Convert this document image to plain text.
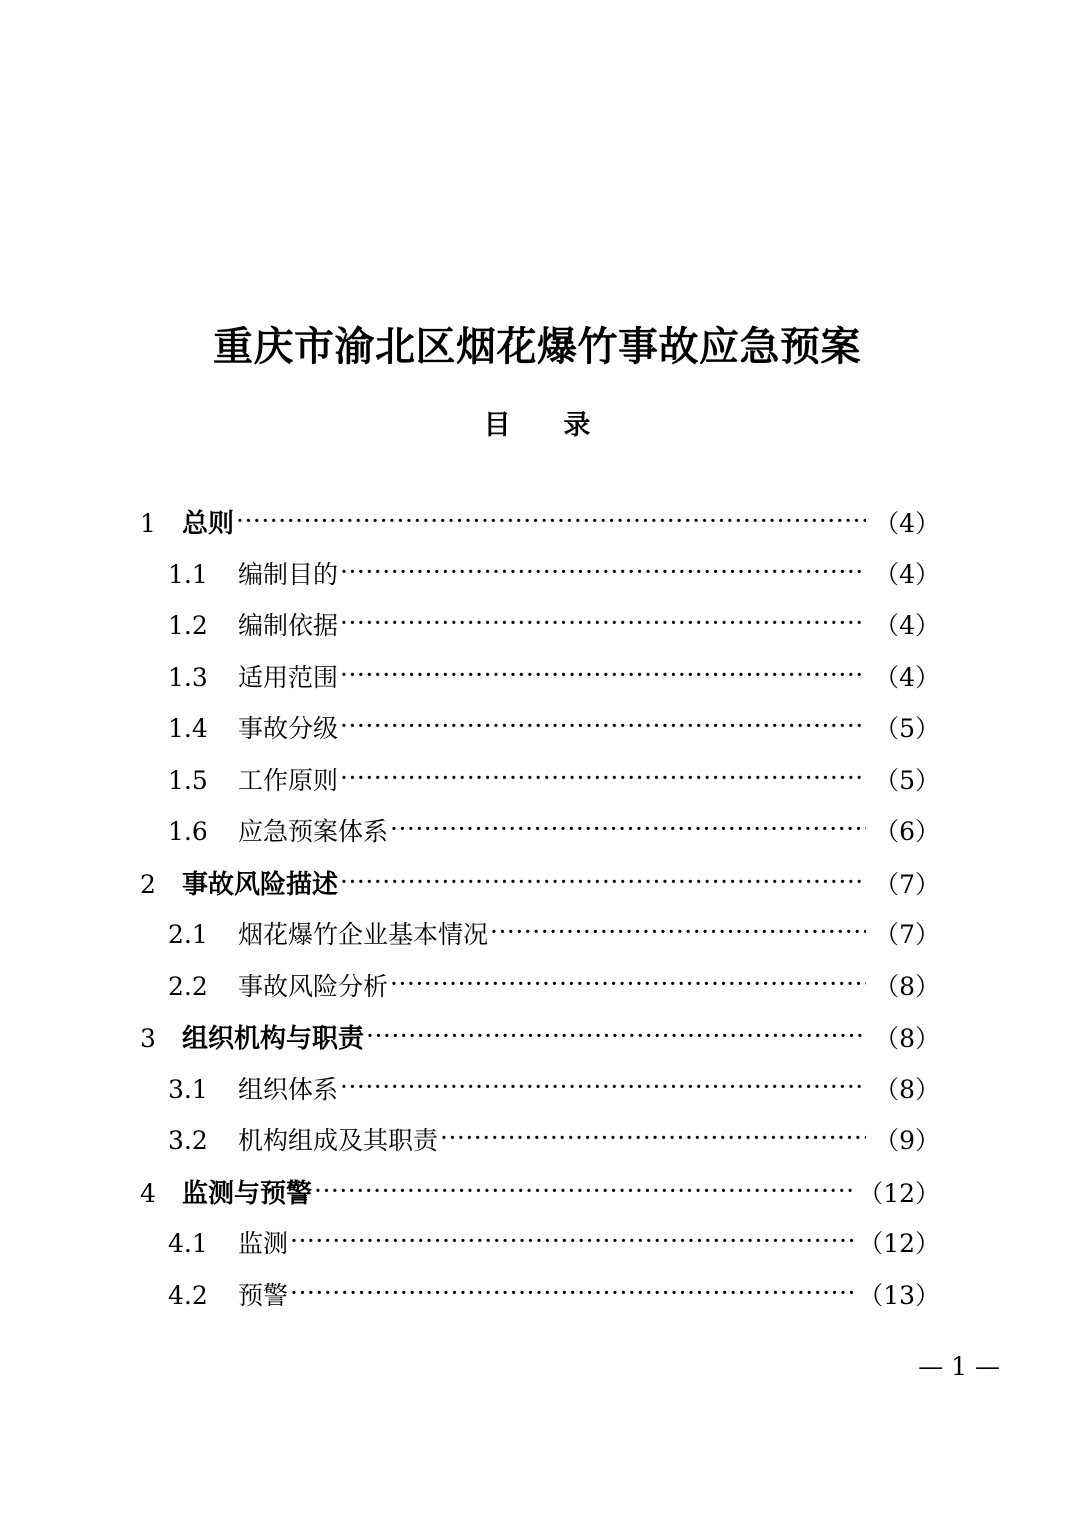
重庆市渝北区烟花爆竹事故应急预案
目 录
1	总则 ·····	（4）
1.1	编制目的 ·····	（4）
1.2	编制依据 ·····	（4）
1.3	适用范围 ·····	（4）
1.4	事故分级 ·····	（5）
1.5	工作原则 ·····	（5）
1.6	应急预案体系 ·····	（6）
2	事故风险描述 ·····	（7）
2.1	烟花爆竹企业基本情况 ·····	（7）
2.2	事故风险分析 ·····	（8）
3	组织机构与职责 ·····	（8）
3.1	组织体系 ·····	（8）
3.2	机构组成及其职责 ·····	（9）
4	监测与预警 ·····	（12）
4.1	监测 ·····	（12）
4.2	预警 ·····	（13）
— 1 —
